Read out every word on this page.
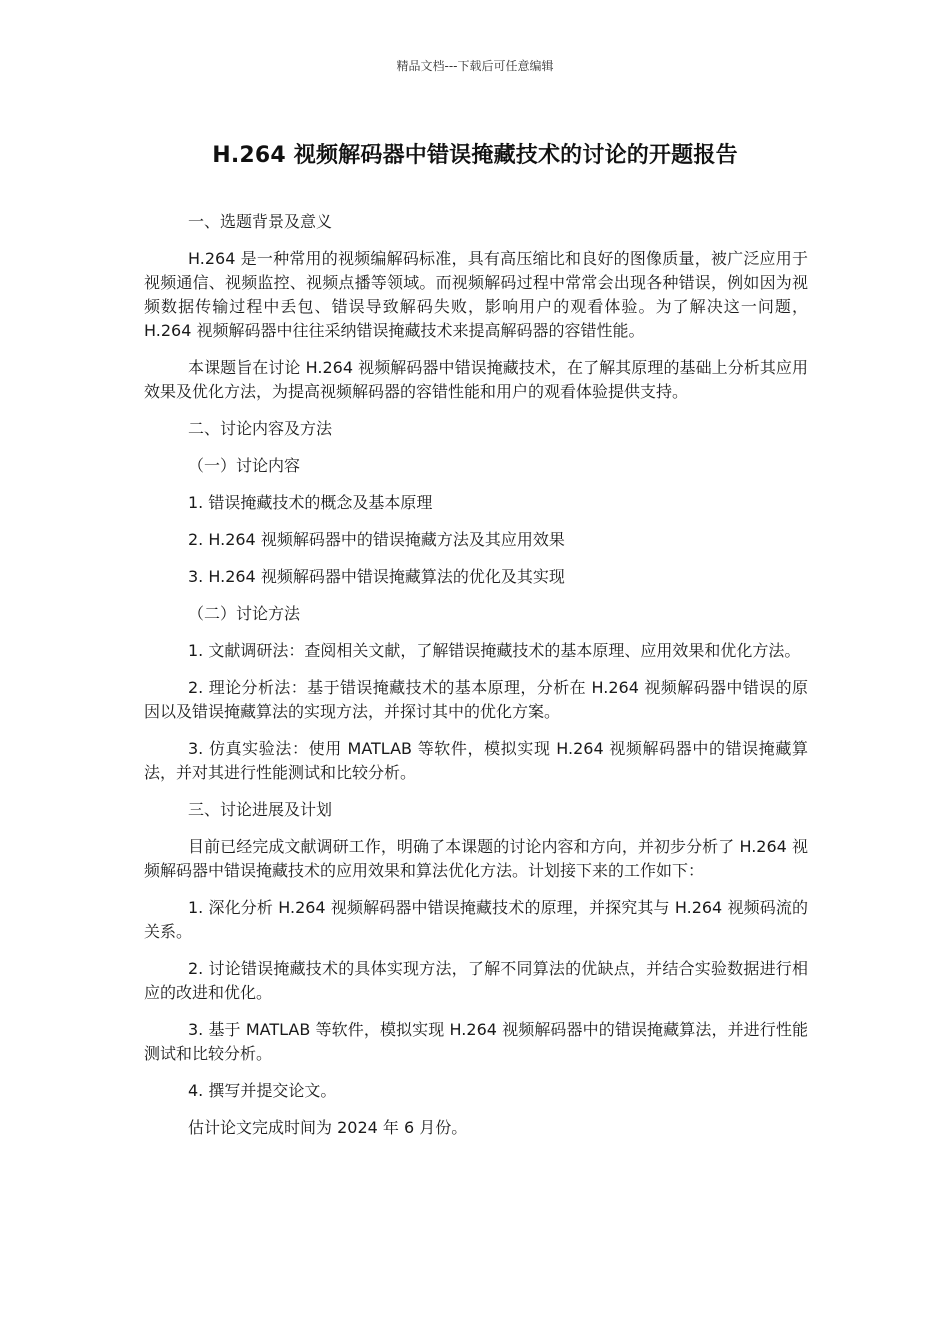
精品文档---下载后可任意编辑
H.264 视频解码器中错误掩藏技术的讨论的开题报告

一、选题背景及意义

H.264 是一种常用的视频编解码标准，具有高压缩比和良好的图像质量，被广泛应用于视频通信、视频监控、视频点播等领域。而视频解码过程中常常会出现各种错误，例如因为视频数据传输过程中丢包、错误导致解码失败，影响用户的观看体验。为了解决这一问题，H.264 视频解码器中往往采纳错误掩藏技术来提高解码器的容错性能。

本课题旨在讨论 H.264 视频解码器中错误掩藏技术，在了解其原理的基础上分析其应用效果及优化方法，为提高视频解码器的容错性能和用户的观看体验提供支持。

二、讨论内容及方法

（一）讨论内容

1. 错误掩藏技术的概念及基本原理

2. H.264 视频解码器中的错误掩藏方法及其应用效果

3. H.264 视频解码器中错误掩藏算法的优化及其实现

（二）讨论方法

1. 文献调研法：查阅相关文献，了解错误掩藏技术的基本原理、应用效果和优化方法。

2. 理论分析法：基于错误掩藏技术的基本原理，分析在 H.264 视频解码器中错误的原因以及错误掩藏算法的实现方法，并探讨其中的优化方案。

3. 仿真实验法：使用 MATLAB 等软件，模拟实现 H.264 视频解码器中的错误掩藏算法，并对其进行性能测试和比较分析。

三、讨论进展及计划

目前已经完成文献调研工作，明确了本课题的讨论内容和方向，并初步分析了 H.264 视频解码器中错误掩藏技术的应用效果和算法优化方法。计划接下来的工作如下：

1. 深化分析 H.264 视频解码器中错误掩藏技术的原理，并探究其与 H.264 视频码流的关系。

2. 讨论错误掩藏技术的具体实现方法，了解不同算法的优缺点，并结合实验数据进行相应的改进和优化。

3. 基于 MATLAB 等软件，模拟实现 H.264 视频解码器中的错误掩藏算法，并进行性能测试和比较分析。

4. 撰写并提交论文。

估计论文完成时间为 2024 年 6 月份。
